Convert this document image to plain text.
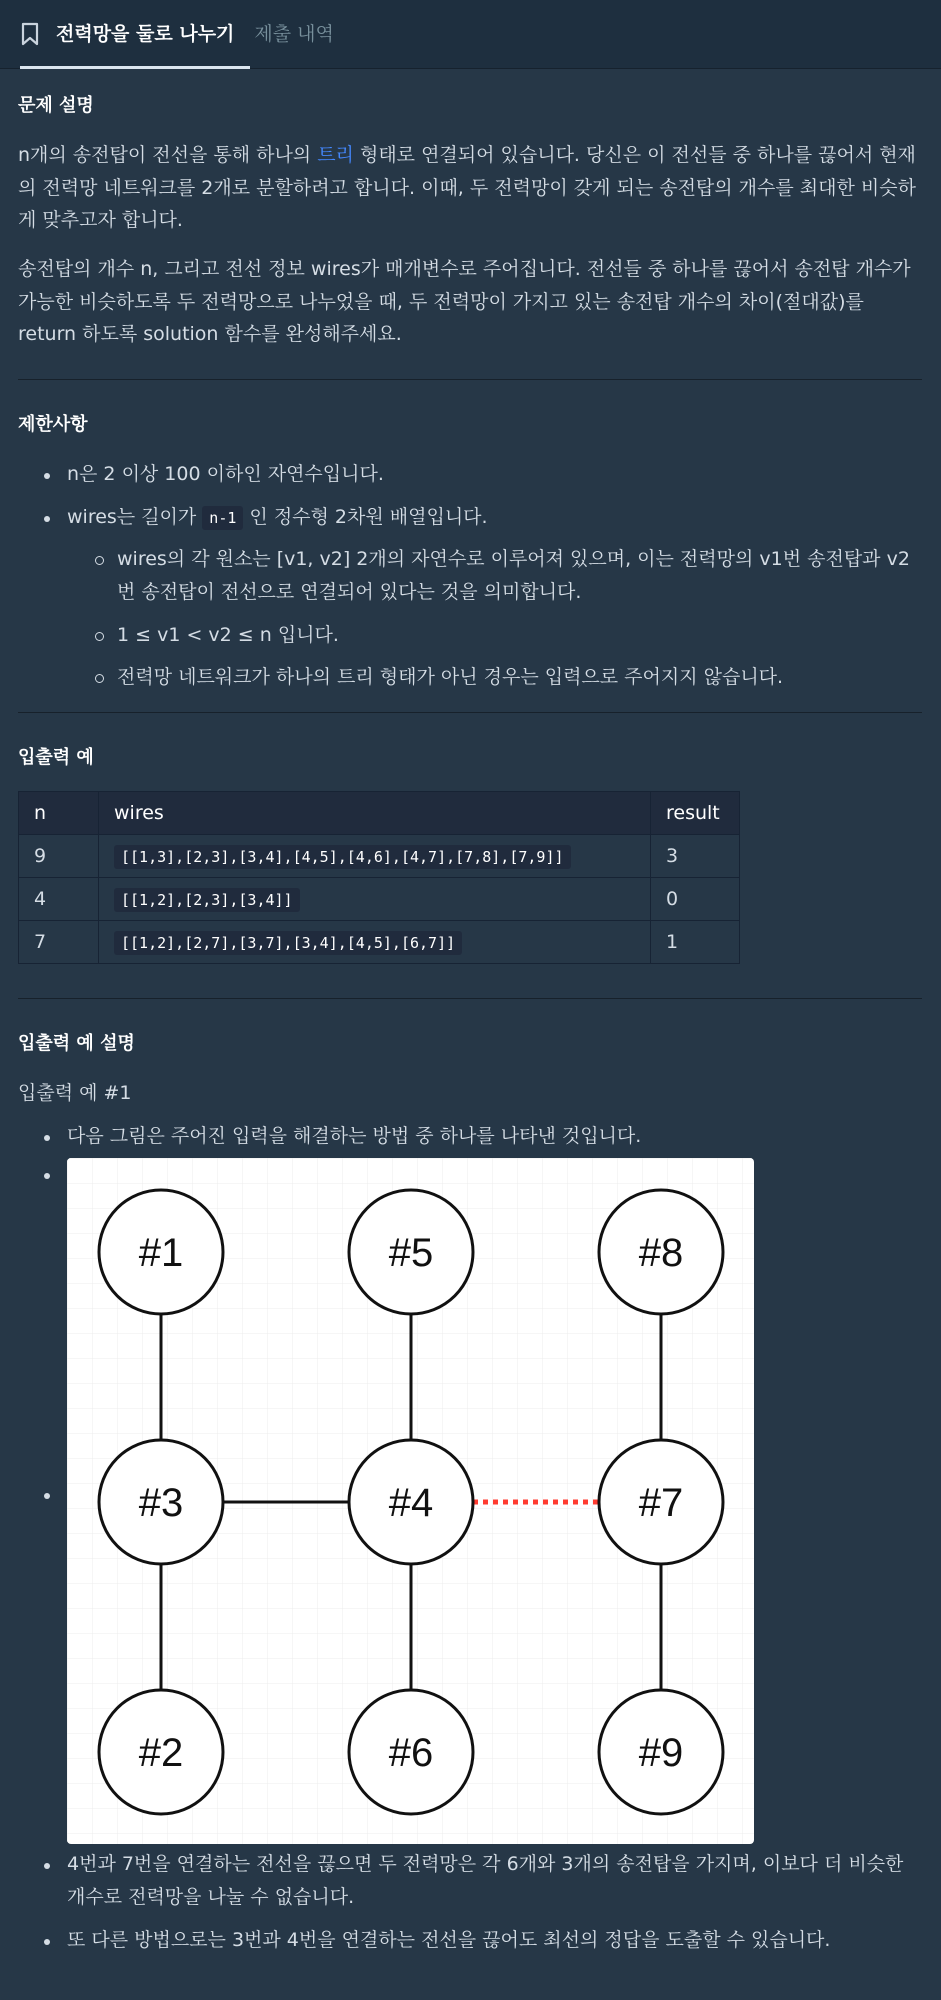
전력망을 둘로 나누기 제출 내역
문제 설명

n개의 송전탑이 전선을 통해 하나의 트리 형태로 연결되어 있습니다. 당신은 이 전선들 중 하나를 끊어서 현재의 전력망 네트워크를 2개로 분할하려고 합니다. 이때, 두 전력망이 갖게 되는 송전탑의 개수를 최대한 비슷하게 맞추고자 합니다.

송전탑의 개수 n, 그리고 전선 정보 wires가 매개변수로 주어집니다. 전선들 중 하나를 끊어서 송전탑 개수가 가능한 비슷하도록 두 전력망으로 나누었을 때, 두 전력망이 가지고 있는 송전탑 개수의 차이(절대값)를 return 하도록 solution 함수를 완성해주세요.

제한사항
n은 2 이상 100 이하인 자연수입니다.
wires는 길이가 n-1 인 정수형 2차원 배열입니다.
wires의 각 원소는 [v1, v2] 2개의 자연수로 이루어져 있으며, 이는 전력망의 v1번 송전탑과 v2번 송전탑이 전선으로 연결되어 있다는 것을 의미합니다.
1 ≤ v1 < v2 ≤ n 입니다.
전력망 네트워크가 하나의 트리 형태가 아닌 경우는 입력으로 주어지지 않습니다.
입출력 예
n	wires	result
9	[[1,3],[2,3],[3,4],[4,5],[4,6],[4,7],[7,8],[7,9]]	3
4	[[1,2],[2,3],[3,4]]	0
7	[[1,2],[2,7],[3,7],[3,4],[4,5],[6,7]]	1
입출력 예 설명

입출력 예 #1

다음 그림은 주어진 입력을 해결하는 방법 중 하나를 나타낸 것입니다.
#1	#5	#8
#3	#4	#7
#2	#6	#9
4번과 7번을 연결하는 전선을 끊으면 두 전력망은 각 6개와 3개의 송전탑을 가지며, 이보다 더 비슷한 개수로 전력망을 나눌 수 없습니다.
또 다른 방법으로는 3번과 4번을 연결하는 전선을 끊어도 최선의 정답을 도출할 수 있습니다.
